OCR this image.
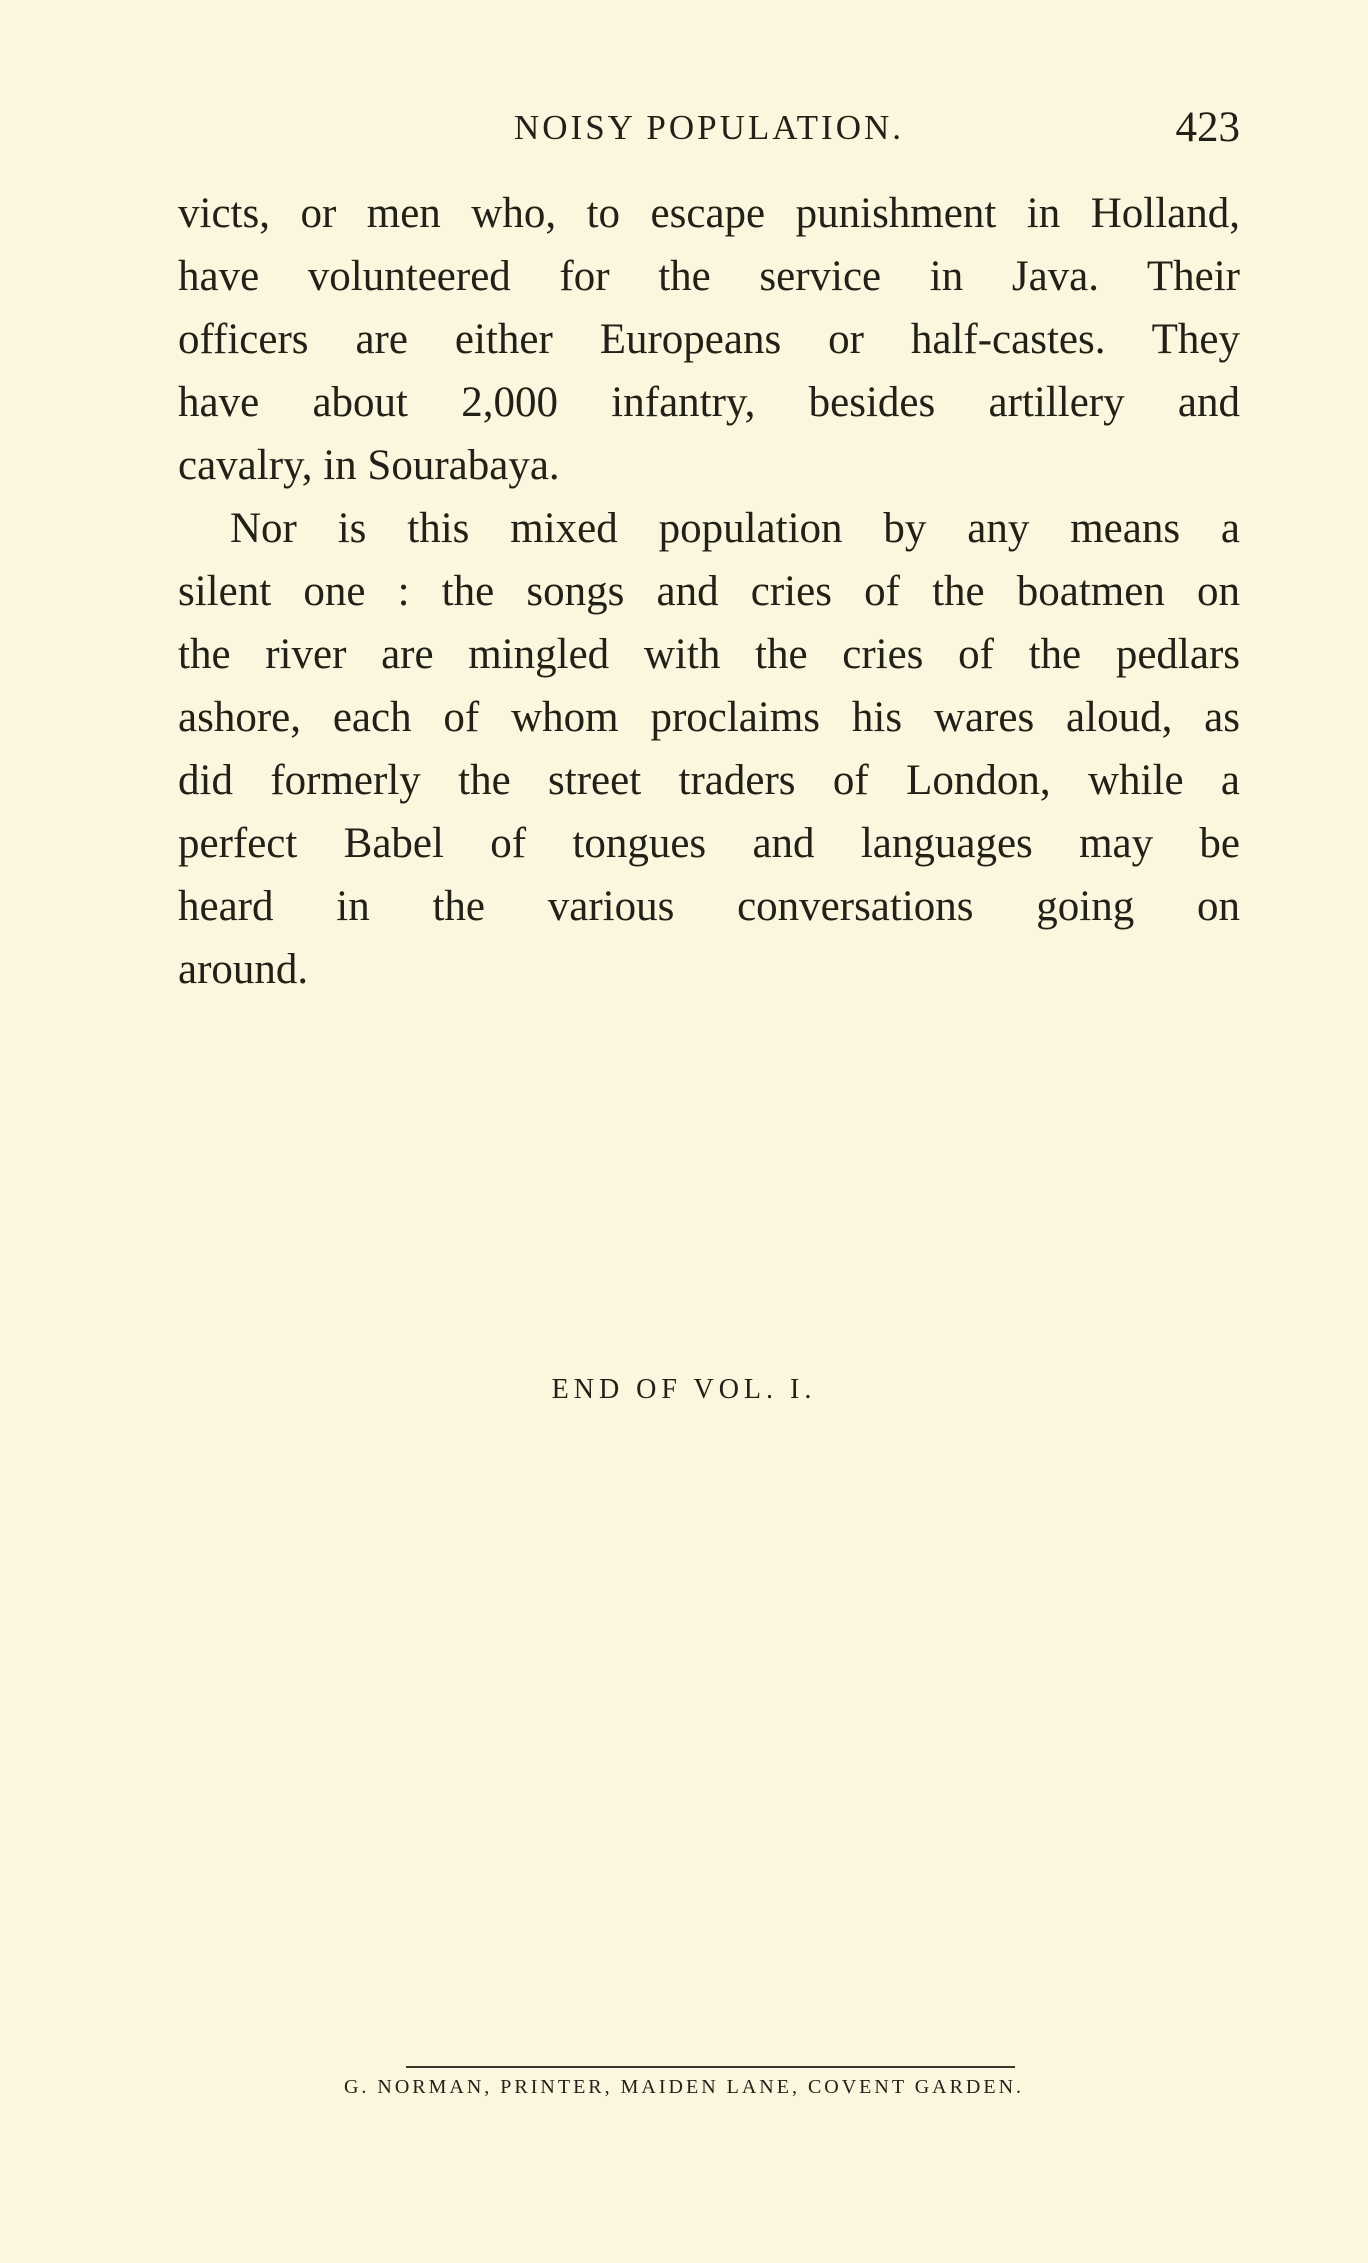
NOISY POPULATION.	423
victs, or men who, to escape punishment in Holland,
have volunteered for the service in Java. Their
officers are either Europeans or half-castes. They
have about 2,000 infantry, besides artillery and
cavalry, in Sourabaya.
Nor is this mixed population by any means a
silent one : the songs and cries of the boatmen on
the river are mingled with the cries of the pedlars
ashore, each of whom proclaims his wares aloud, as
did formerly the street traders of London, while a
perfect Babel of tongues and languages may be
heard in the various conversations going on
around.
END OF VOL. I.
G. NORMAN, PRINTER, MAIDEN LANE, COVENT GARDEN.
